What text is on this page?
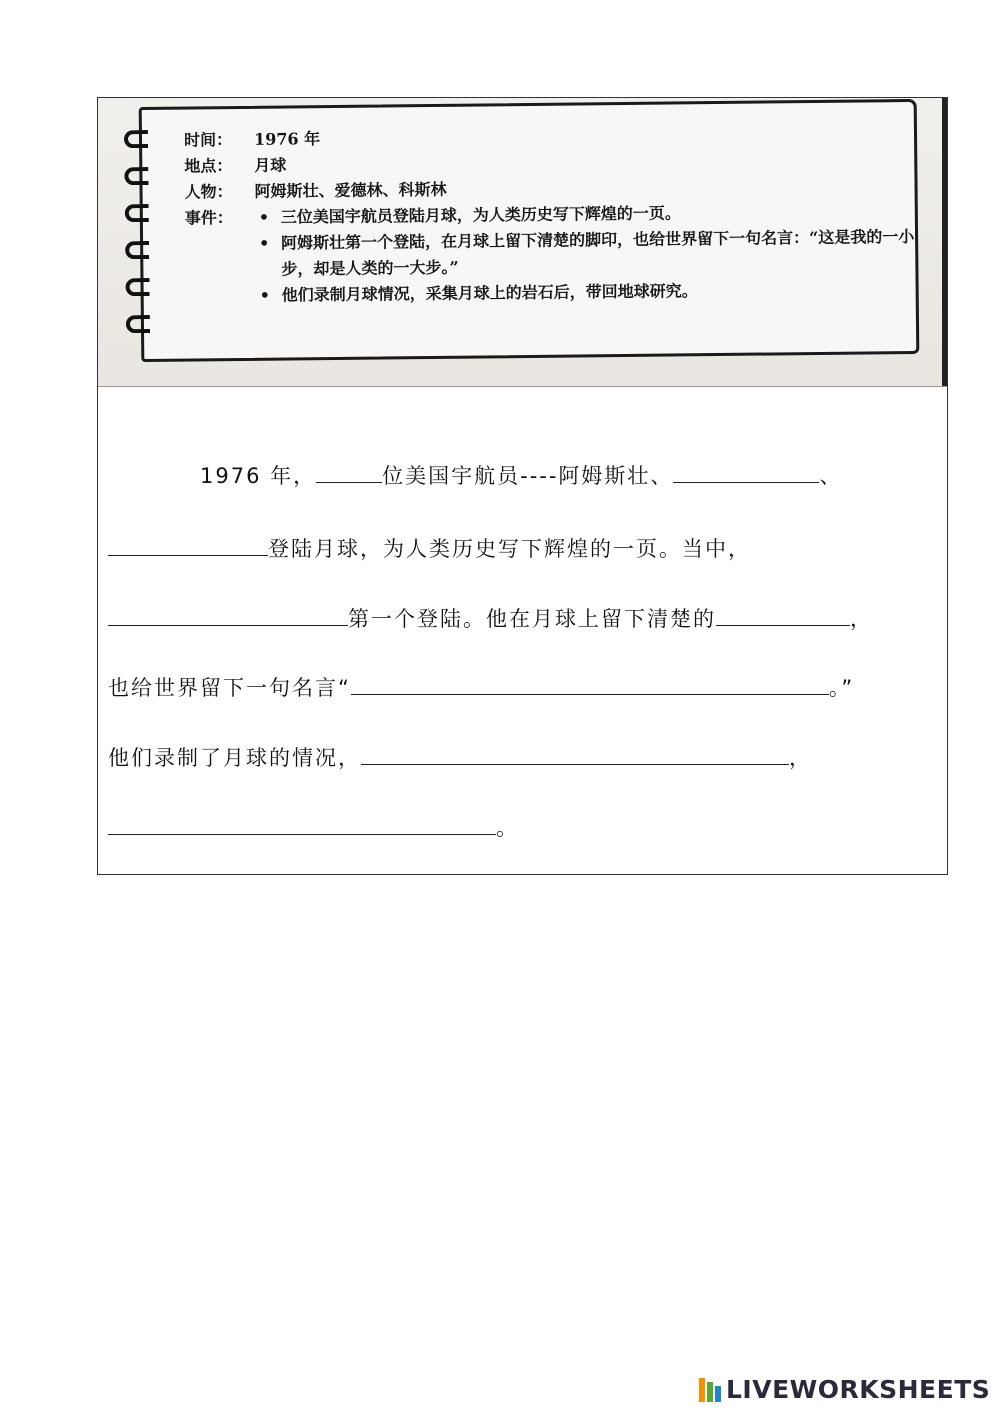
时间：	1976 年
地点：	月球
人物：	阿姆斯壮、爱德林、科斯林
事件：
•	三位美国宇航员登陆月球，为人类历史写下辉煌的一页。
• 阿姆斯壮第一个登陆，在月球上留下清楚的脚印，也给世界留下一句名言：“这是我的一小步，却是人类的一大步。”
• 他们录制月球情况，采集月球上的岩石后，带回地球研究。
1976 年，	位美国宇航员----阿姆斯壮、	、
登陆月球，为人类历史写下辉煌的一页。当中，
第一个登陆。他在月球上留下清楚的	，
也给世界留下一句名言“	。”
他们录制了月球的情况，	，
。
LIVEWORKSHEETS
